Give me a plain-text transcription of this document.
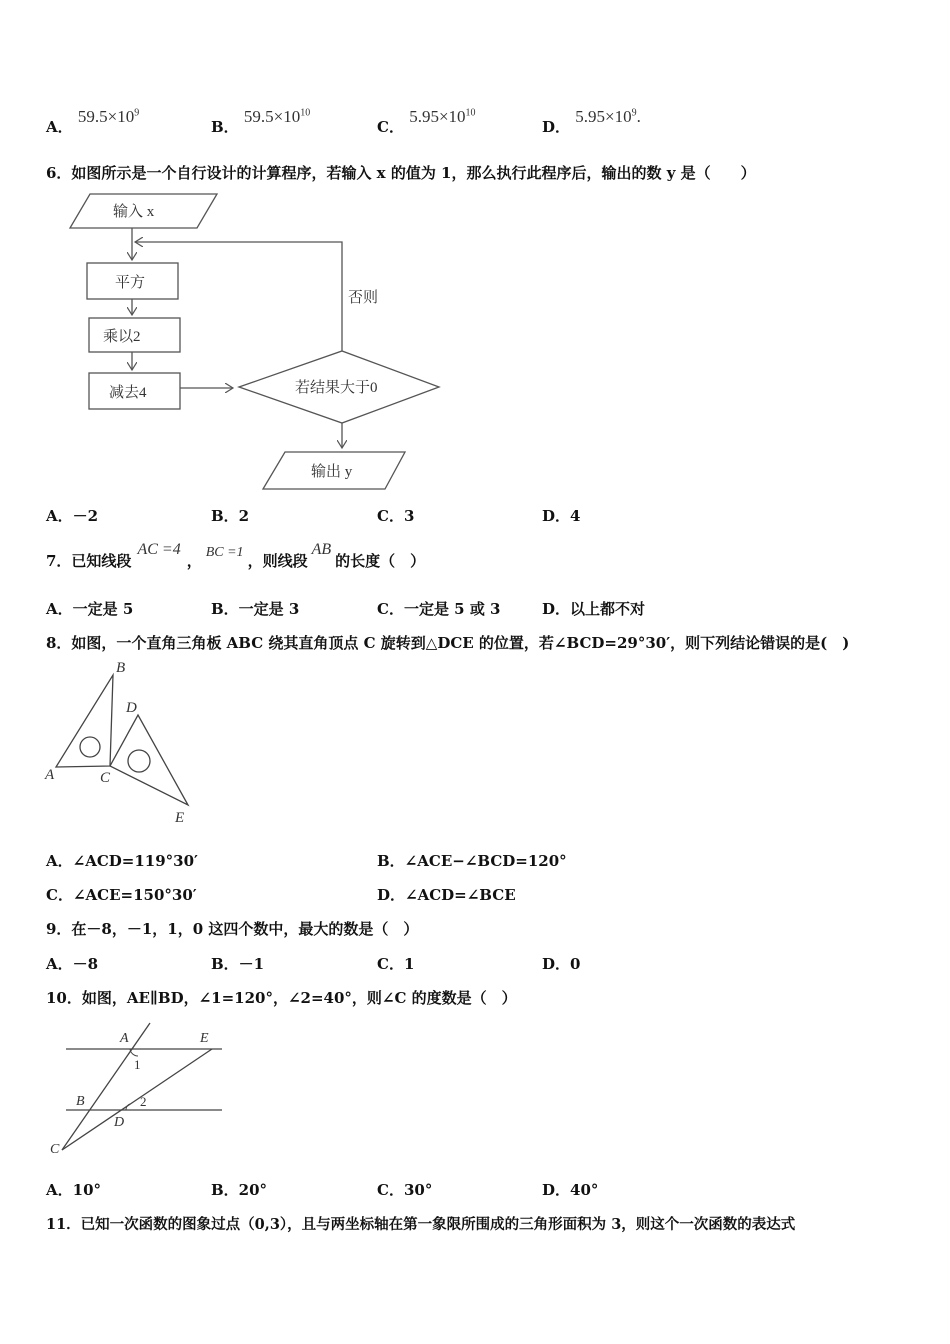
A． $59.5\times 10^9$
B． $59.5\times 10^{10}$
C． $5.95\times 10^{10}$
D． $5.95\times 10^9$.
6．如图所示是一个自行设计的计算程序，若输入 x 的值为 1，那么执行此程序后，输出的数 y 是（　　）
输入 x
否则
平方
乘以2
减去4	若结果大于0
输出 y
A．－2	B．2	C．3	D．4
7．已知线段AC =4， BC =1 ，则线段AB的长度（　）
A．一定是 5	B．一定是 3	C．一定是 5 或 3	D．以上都不对
8．如图，一个直角三角板 ABC 绕其直角顶点 C 旋转到△DCE 的位置，若∠BCD=29°30′，则下列结论错误的是(　)
B
D
A	C
E
A．∠ACD=119°30′	B．∠ACE−∠BCD=120°
C．∠ACE=150°30′	D．∠ACD=∠BCE
9．在－8，－1，1，0 这四个数中，最大的数是（　）
A．－8	B．－1	C．1	D．0
10．如图，AE∥BD，∠1=120°，∠2=40°，则∠C 的度数是（　）
A	E
1
B	2
D
C
A．10°	B．20°	C．30°	D．40°
11．已知一次函数的图象过点（0,3），且与两坐标轴在第一象限所围成的三角形面积为 3，则这个一次函数的表达式
